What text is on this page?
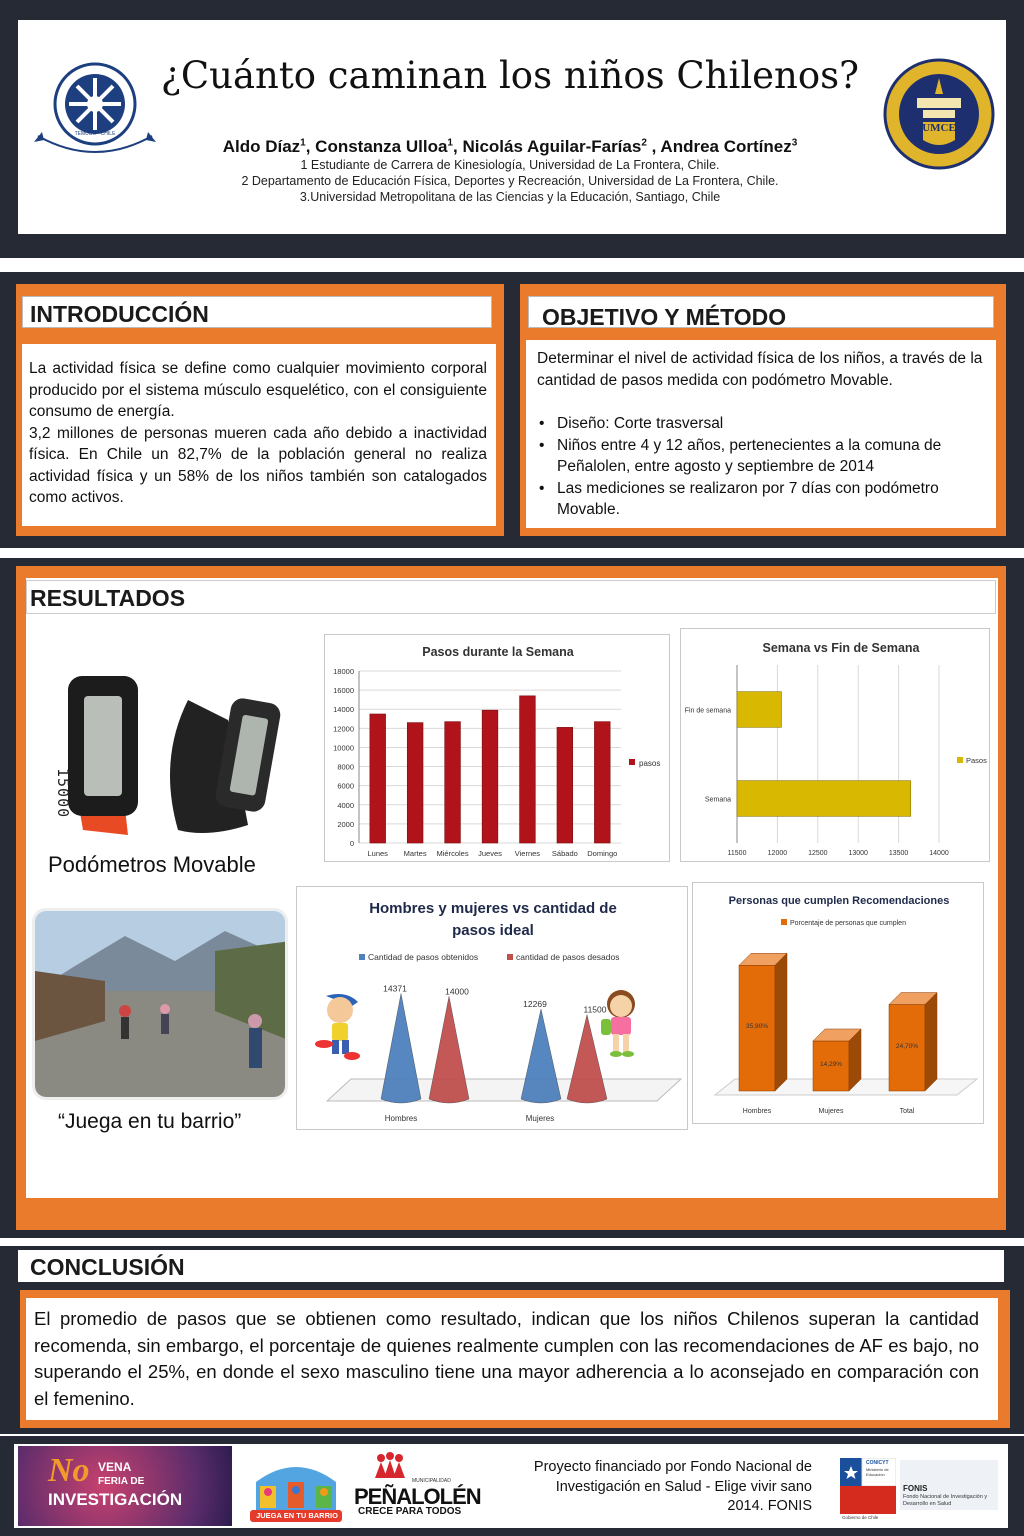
TEMUCO · CHILE	UMCE
¿Cuánto caminan los niños Chilenos?
Aldo Díaz$^1$, Constanza Ulloa$^1$, Nicolás Aguilar-Farías$^2$ , Andrea Cortínez$^3$
1 Estudiante de Carrera de Kinesiología, Universidad de La Frontera, Chile.
2 Departamento de Educación Física, Deportes y Recreación, Universidad de La Frontera, Chile.
3.Universidad Metropolitana de las Ciencias y la Educación, Santiago, Chile
INTRODUCCIÓN
La actividad física se define como cualquier movimiento corporal producido por el sistema músculo esquelético, con el consiguiente consumo de energía.
3,2 millones de personas mueren cada año debido a inactividad física. En Chile un 82,7% de la población general no realiza actividad física y un 58% de los niños también son catalogados como activos.
OBJETIVO Y MÉTODO
Determinar el nivel de actividad física de los niños, a través de la cantidad de pasos medida con podómetro Movable.
• Diseño: Corte trasversal
• Niños entre 4 y 12 años, pertenecientes a la comuna de Peñalolen, entre agosto y septiembre de 2014
• Las mediciones se realizaron por 7 días con podómetro Movable.
RESULTADOS
15000
Podómetros Movable
“Juega en tu barrio”
Pasos durante la Semana
0
2000
4000
6000
8000
10000
12000
14000
16000
18000
Lunes Martes Miércoles Jueves Viernes Sábado Domingo
pasos
Semana vs Fin de Semana
11500	12000	12500	13000	13500	14000
Fin de semana
Semana
Pasos
Hombres y mujeres vs cantidad de
pasos ideal
Cantidad de pasos obtenidos	cantidad de pasos desados
14371	14000
Hombres
12269
11500
Mujeres
Personas que cumplen Recomendaciones
Porcentaje de personas que cumplen
35,90%
Hombres
14,29%
Mujeres
24,70%
Total
CONCLUSIÓN
El promedio de pasos que se obtienen como resultado, indican que los niños Chilenos superan la cantidad recomenda, sin embargo, el porcentaje de quienes realmente cumplen con las recomendaciones de AF es bajo, no superando el 25%, en donde el sexo masculino tiene una mayor adherencia a lo aconsejado en comparación con el femenino.
No VENA
FERIA DE
INVESTIGACIÓN
JUEGA EN TU BARRIO
MUNICIPALIDAD
PEÑALOLÉN
CRECE PARA TODOS
Proyecto financiado por Fondo Nacional de Investigación en Salud - Elige vivir sano 2014. FONIS
CONICYT
Ministerio de Educación
Gobierno de Chile
FONIS
Fondo Nacional de Investigación y Desarrollo en Salud
